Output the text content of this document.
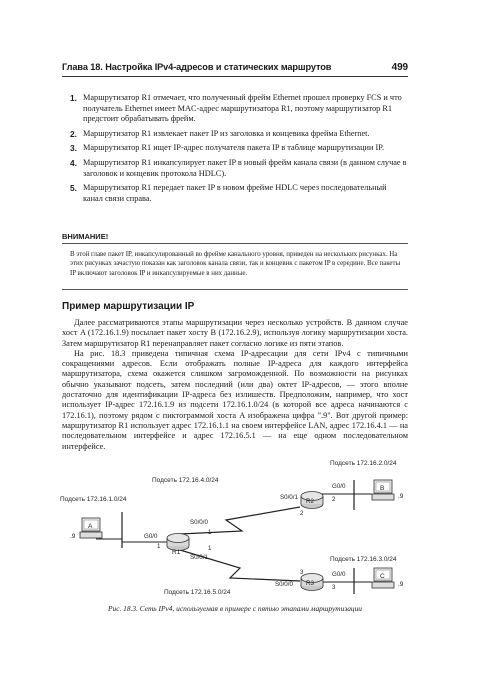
Глава 18. Настройка IPv4-адресов и статических маршрутов	499
1. Маршрутизатор R1 отмечает, что полученный фрейм Ethernet прошел проверку FCS и что получатель Ethernet имеет MAC-адрес маршрутизатора R1, поэтому маршрутизатор R1 предстоит обрабатывать фрейм.
2. Маршрутизатор R1 извлекает пакет IP из заголовка и концевика фрейма Ethernet.
3. Маршрутизатор R1 ищет IP-адрес получателя пакета IP в таблице маршрутизации IP.
4. Маршрутизатор R1 инкапсулирует пакет IP в новый фрейм канала связи (в данном случае в заголовок и концевик протокола HDLC).
5. Маршрутизатор R1 передает пакет IP в новом фрейме HDLC через последовательный канал связи справа.
ВНИМАНИЕ!
В этой главе пакет IP, инкапсулированный во фрейме канального уровня, приведен на нескольких рисунках. На этих рисунках зачастую показан как заголовок канала связи, так и концевик с пакетом IP в середине. Все пакеты IP включают заголовок IP и инкапсулируемые в них данные.
Пример маршрутизации IP

Далее рассматриваются этапы маршрутизации через несколько устройств. В данном случае хост A (172.16.1.9) посылает пакет хосту B (172.16.2.9), используя логику маршрутизации хоста. Затем маршрутизатор R1 перенаправляет пакет согласно логике из пяти этапов.

На рис. 18.3 приведена типичная схема IP-адресации для сети IPv4 с типичными сокращениями адресов. Если отображать полные IP-адреса для каждого интерфейса маршрутизатора, схема окажется слишком загроможденной. По возможности на рисунках обычно указывают подсеть, затем последний (или два) октет IP-адресов, — этого вполне достаточно для идентификации IP-адреса без излишеств. Предположим, например, что хост использует IP-адрес 172.16.1.9 из подсети 172.16.1.0/24 (в которой все адреса начинаются с 172.16.1), поэтому рядом с пиктограммой хоста A изображена цифра ".9". Вот другой пример: маршрутизатор R1 использует адрес 172.16.1.1 на своем интерфейсе LAN, адрес 172.16.4.1 — на последовательном интерфейсе и адрес 172.16.5.1 — на еще одном последовательном интерфейсе.

Подсеть 172.16.4.0/24
Подсеть 172.16.2.0/24
Подсеть 172.16.1.0/24
Подсеть 172.16.3.0/24
Подсеть 172.16.5.0/24
A
.9
R1
G0/0
1
S0/0/0
1
S0/0/1
1
R2
S0/0/1
2
G0/0
2
B
.9
R3
S0/0/0
3	G0/0
3
C
.9
Рис. 18.3. Сеть IPv4, используемая в примере с пятью этапами маршрутизации
